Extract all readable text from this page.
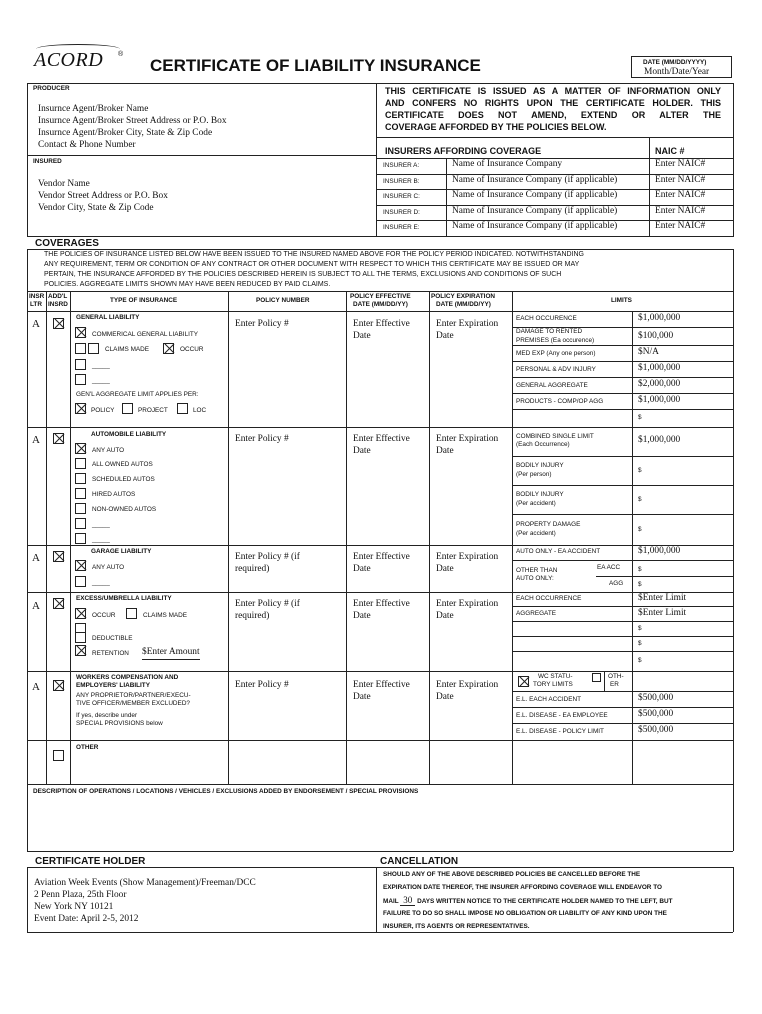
ACORD ®
CERTIFICATE OF LIABILITY INSURANCE	DATE (MM/DD/YYYY)
Month/Date/Year
PRODUCER
Insurnce Agent/Broker Name
Insurnce Agent/Broker Street Address or P.O. Box
Insurnce Agent/Broker City, State & Zip Code
Contact & Phone Number
THIS CERTIFICATE IS ISSUED AS A MATTER OF INFORMATION ONLY
AND CONFERS NO RIGHTS UPON THE CERTIFICATE HOLDER. THIS
CERTIFICATE DOES NOT AMEND, EXTEND OR ALTER THE
COVERAGE AFFORDED BY THE POLICIES BELOW.
INSURED
Vendor Name
Vendor Street Address or P.O. Box
Vendor City, State & Zip Code
INSURERS AFFORDING COVERAGE	NAIC #
INSURER A:	Name of Insurance Company	Enter NAIC#
INSURER B:	Name of Insurance Company (if applicable)	Enter NAIC#
INSURER C:	Name of Insurance Company (if applicable)	Enter NAIC#
INSURER D:	Name of Insurance Company (if applicable)	Enter NAIC#
INSURER E:	Name of Insurance Company (if applicable)	Enter NAIC#
COVERAGES
THE POLICIES OF INSURANCE LISTED BELOW HAVE BEEN ISSUED TO THE INSURED NAMED ABOVE FOR THE POLICY PERIOD INDICATED. NOTWITHSTANDING
ANY REQUIREMENT, TERM OR CONDITION OF ANY CONTRACT OR OTHER DOCUMENT WITH RESPECT TO WHICH THIS CERTIFICATE MAY BE ISSUED OR MAY
PERTAIN, THE INSURANCE AFFORDED BY THE POLICIES DESCRIBED HEREIN IS SUBJECT TO ALL THE TERMS, EXCLUSIONS AND CONDITIONS OF SUCH
POLICIES. AGGREGATE LIMITS SHOWN MAY HAVE BEEN REDUCED BY PAID CLAIMS.
INSR
LTR
ADD'L
INSRD
TYPE OF INSURANCE	POLICY NUMBER
POLICY EFFECTIVE
DATE (MM/DD/YY)
POLICY EXPIRATION
DATE (MM/DD/YY)
LIMITS
A
GENERAL LIABILITY
COMMERICAL GENERAL LIABILITY
CLAIMS MADE	OCCUR
_____
_____
GEN'L AGGREGATE LIMIT APPLIES PER:
POLICY	PROJECT	LOC
Enter Policy #	Enter Effective
Date
Enter Expiration
Date
EACH OCCURENCE	$1,000,000
DAMAGE TO RENTED
PREMISES (Ea occurence)	$100,000
MED EXP (Any one person)	$N/A
PERSONAL & ADV INJURY	$1,000,000
GENERAL AGGREGATE	$2,000,000
PRODUCTS - COMP/OP AGG	$1,000,000
$
A	AUTOMOBILE LIABILITY
ANY AUTO
ALL OWNED AUTOS
SCHEDULED AUTOS
HIRED AUTOS
NON-OWNED AUTOS
_____
_____
Enter Policy #	Enter Effective
Date
Enter Expiration
Date
COMBINED SINGLE LIMIT
(Each Occurrence)	$1,000,000
BODILY INJURY
(Per person)
$
BODILY INJURY
(Per accident)
$
PROPERTY DAMAGE
(Per accident)
$
A
GARAGE LIABILITY
ANY AUTO
_____
Enter Policy # (if
required)
Enter Effective
Date
Enter Expiration
Date
AUTO ONLY - EA ACCIDENT	$1,000,000
OTHER THAN
AUTO ONLY:
EA ACC	$
AGG $
A
EXCESS/UMBRELLA LIABILITY
OCCUR	CLAIMS MADE
DEDUCTIBLE
RETENTION $Enter Amount
Enter Policy # (if
required)
Enter Effective
Date
Enter Expiration
Date
EACH OCCURRENCE	$Enter Limit
AGGREGATE	$Enter Limit
$
$
$
A
WORKERS COMPENSATION AND
EMPLOYERS' LIABILITY
ANY PROPRIETOR/PARTNER/EXECU-
TIVE OFFICER/MEMBER EXCLUDED?
If yes, describe under
SPECIAL PROVISIONS below
Enter Policy #	Enter Effective
Date
Enter Expiration
Date
WC STATU-
TORY LIMITS
OTH-
ER
E.L. EACH ACCIDENT	$500,000
E.L. DISEASE - EA EMPLOYEE	$500,000
E.L. DISEASE - POLICY LIMIT	$500,000
OTHER
DESCRIPTION OF OPERATIONS / LOCATIONS / VEHICLES / EXCLUSIONS ADDED BY ENDORSEMENT / SPECIAL PROVISIONS
CERTIFICATE HOLDER	CANCELLATION
Aviation Week Events (Show Management)/Freeman/DCC
2 Penn Plaza, 25th Floor
New York NY 10121
Event Date: April 2-5, 2012
SHOULD ANY OF THE ABOVE DESCRIBED POLICIES BE CANCELLED BEFORE THE
EXPIRATION DATE THEREOF, THE INSURER AFFORDING COVERAGE WILL ENDEAVOR TO
MAIL 30 DAYS WRITTEN NOTICE TO THE CERTIFICATE HOLDER NAMED TO THE LEFT, BUT
FAILURE TO DO SO SHALL IMPOSE NO OBLIGATION OR LIABILITY OF ANY KIND UPON THE
INSURER, ITS AGENTS OR REPRESENTATIVES.
